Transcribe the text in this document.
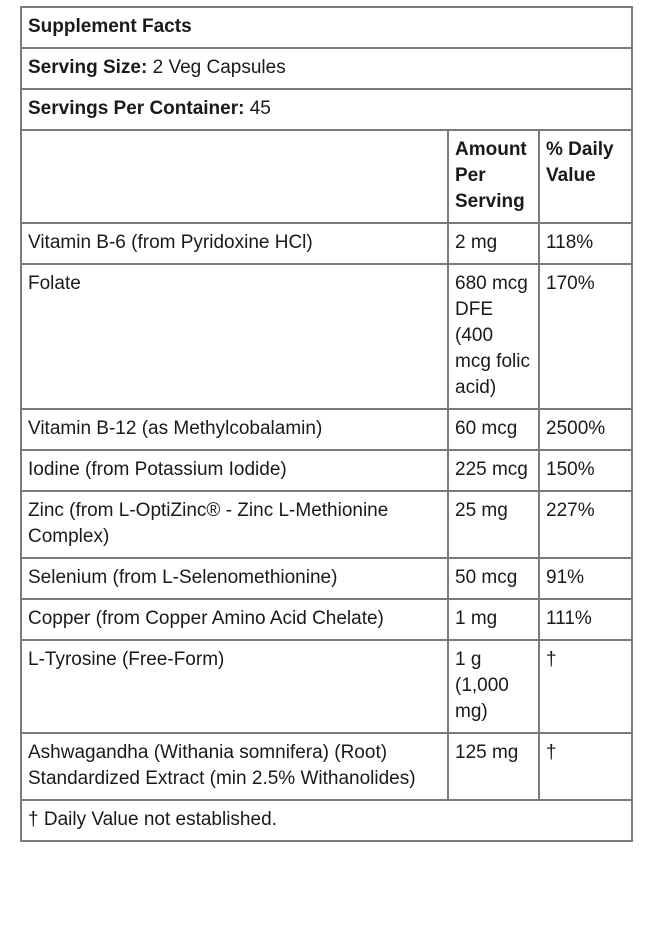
Supplement Facts		
Serving Size: 2 Veg Capsules		
Servings Per Container: 45		
	Amount Per Serving	% Daily Value
Vitamin B-6 (from Pyridoxine HCl)	2 mg	118%
Folate	680 mcg DFE (400 mcg folic acid)	170%
Vitamin B-12 (as Methylcobalamin)	60 mcg	2500%
Iodine (from Potassium Iodide)	225 mcg	150%
Zinc (from L-OptiZinc® - Zinc L-Methionine Complex)	25 mg	227%
Selenium (from L-Selenomethionine)	50 mcg	91%
Copper (from Copper Amino Acid Chelate)	1 mg	111%
L-Tyrosine (Free-Form)	1 g (1,000 mg)	†
Ashwagandha (Withania somnifera) (Root) Standardized Extract (min 2.5% Withanolides)	125 mg	†
† Daily Value not established.		
